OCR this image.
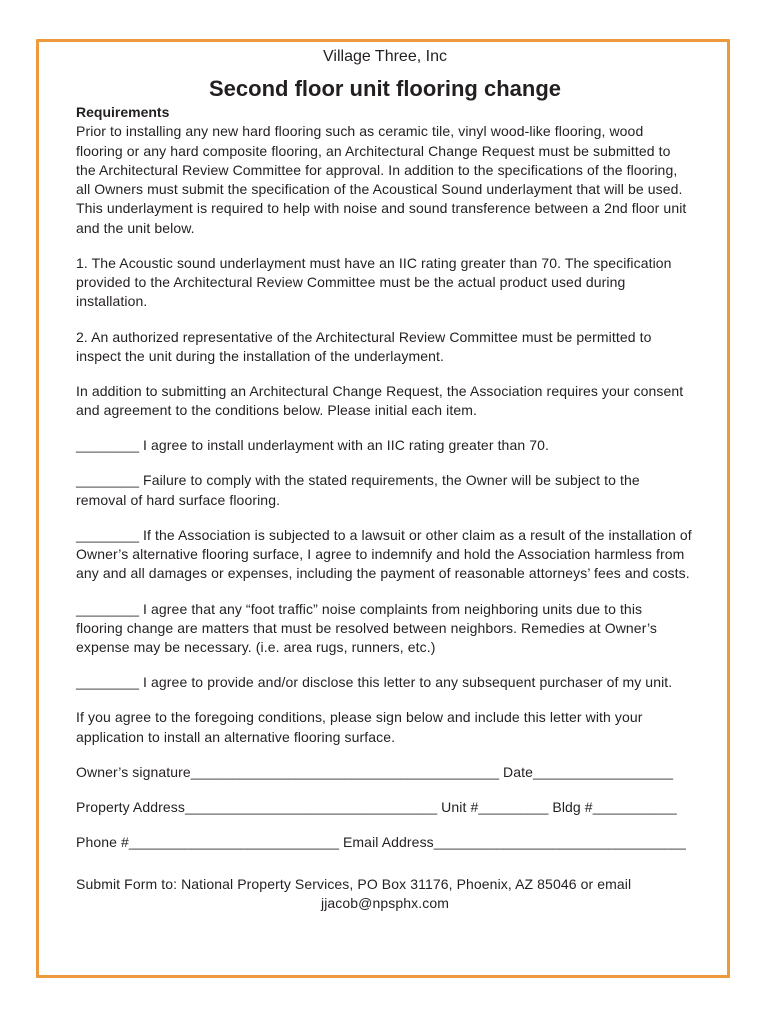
Village Three, Inc
Second floor unit flooring change
Requirements
Prior to installing any new hard flooring such as ceramic tile, vinyl wood-like flooring, wood
flooring or any hard composite flooring, an Architectural Change Request must be submitted to
the Architectural Review Committee for approval. In addition to the specifications of the flooring,
all Owners must submit the specification of the Acoustical Sound underlayment that will be used.
This underlayment is required to help with noise and sound transference between a 2nd floor unit
and the unit below.
1. The Acoustic sound underlayment must have an IIC rating greater than 70. The specification
provided to the Architectural Review Committee must be the actual product used during
installation.
2. An authorized representative of the Architectural Review Committee must be permitted to
inspect the unit during the installation of the underlayment.
In addition to submitting an Architectural Change Request, the Association requires your consent
and agreement to the conditions below. Please initial each item.
_________ I agree to install underlayment with an IIC rating greater than 70.
_________ Failure to comply with the stated requirements, the Owner will be subject to the
removal of hard surface flooring.
_________ If the Association is subjected to a lawsuit or other claim as a result of the installation of
Owner’s alternative flooring surface, I agree to indemnify and hold the Association harmless from
any and all damages or expenses, including the payment of reasonable attorneys’ fees and costs.
_________ I agree that any “foot traffic” noise complaints from neighboring units due to this
flooring change are matters that must be resolved between neighbors. Remedies at Owner’s
expense may be necessary. (i.e. area rugs, runners, etc.)
_________ I agree to provide and/or disclose this letter to any subsequent purchaser of my unit.
If you agree to the foregoing conditions, please sign below and include this letter with your
application to install an alternative flooring surface.
Owner’s signature____________________________________________ Date____________________
Property Address____________________________________ Unit #__________ Bldg #____________
Phone #______________________________ Email Address____________________________________
Submit Form to: National Property Services, PO Box 31176, Phoenix, AZ 85046 or email
jjacob@npsphx.com
